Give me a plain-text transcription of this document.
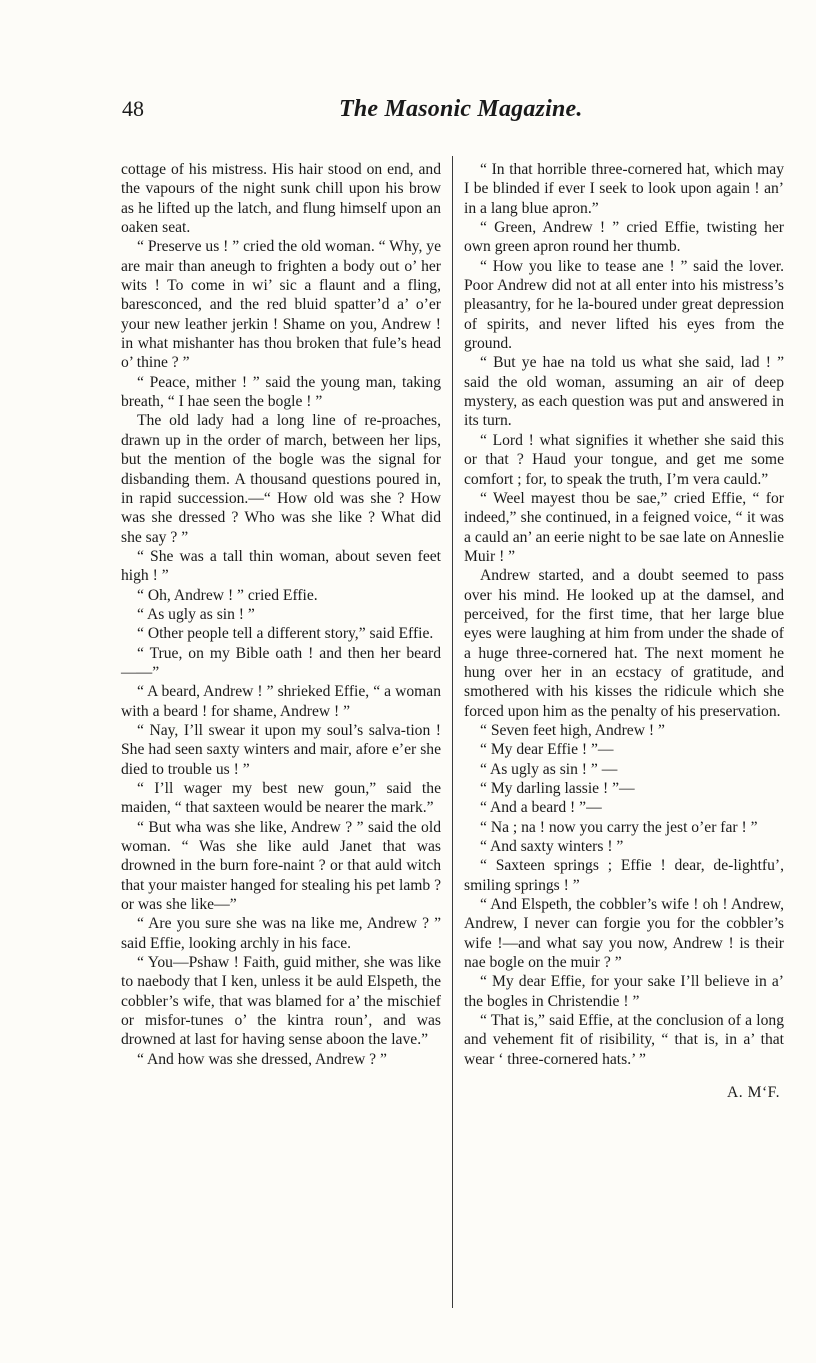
48	The Masonic Magazine.

cottage of his mistress. His hair stood on end, and the vapours of the night sunk chill upon his brow as he lifted up the latch, and flung himself upon an oaken seat.

“ Preserve us ! ” cried the old woman. “ Why, ye are mair than aneugh to frighten a body out o’ her wits ! To come in wi’ sic a flaunt and a fling, baresconced, and the red bluid spatter’d a’ o’er your new leather jerkin ! Shame on you, Andrew ! in what mishanter has thou broken that fule’s head o’ thine ? ”

“ Peace, mither ! ” said the young man, taking breath, “ I hae seen the bogle ! ”

The old lady had a long line of re-proaches, drawn up in the order of march, between her lips, but the mention of the bogle was the signal for disbanding them. A thousand questions poured in, in rapid succession.—“ How old was she ? How was she dressed ? Who was she like ? What did she say ? ”

“ She was a tall thin woman, about seven feet high ! ”

“ Oh, Andrew ! ” cried Effie.

“ As ugly as sin ! ”

“ Other people tell a different story,” said Effie.

“ True, on my Bible oath ! and then her beard ——”

“ A beard, Andrew ! ” shrieked Effie, “ a woman with a beard ! for shame, Andrew ! ”

“ Nay, I’ll swear it upon my soul’s salva-tion ! She had seen saxty winters and mair, afore e’er she died to trouble us ! ”

“ I’ll wager my best new goun,” said the maiden, “ that saxteen would be nearer the mark.”

“ But wha was she like, Andrew ? ” said the old woman. “ Was she like auld Janet that was drowned in the burn fore-naint ? or that auld witch that your maister hanged for stealing his pet lamb ? or was she like—”

“ Are you sure she was na like me, Andrew ? ” said Effie, looking archly in his face.

“ You—Pshaw ! Faith, guid mither, she was like to naebody that I ken, unless it be auld Elspeth, the cobbler’s wife, that was blamed for a’ the mischief or misfor-tunes o’ the kintra roun’, and was drowned at last for having sense aboon the lave.”

“ And how was she dressed, Andrew ? ”

“ In that horrible three-cornered hat, which may I be blinded if ever I seek to look upon again ! an’ in a lang blue apron.”

“ Green, Andrew ! ” cried Effie, twisting her own green apron round her thumb.

“ How you like to tease ane ! ” said the lover. Poor Andrew did not at all enter into his mistress’s pleasantry, for he la-boured under great depression of spirits, and never lifted his eyes from the ground.

“ But ye hae na told us what she said, lad ! ” said the old woman, assuming an air of deep mystery, as each question was put and answered in its turn.

“ Lord ! what signifies it whether she said this or that ? Haud your tongue, and get me some comfort ; for, to speak the truth, I’m vera cauld.”

“ Weel mayest thou be sae,” cried Effie, “ for indeed,” she continued, in a feigned voice, “ it was a cauld an’ an eerie night to be sae late on Anneslie Muir ! ”

Andrew started, and a doubt seemed to pass over his mind. He looked up at the damsel, and perceived, for the first time, that her large blue eyes were laughing at him from under the shade of a huge three-cornered hat. The next moment he hung over her in an ecstacy of gratitude, and smothered with his kisses the ridicule which she forced upon him as the penalty of his preservation.

“ Seven feet high, Andrew ! ”

“ My dear Effie ! ”—

“ As ugly as sin ! ” —

“ My darling lassie ! ”—

“ And a beard ! ”—

“ Na ; na ! now you carry the jest o’er far ! ”

“ And saxty winters ! ”

“ Saxteen springs ; Effie ! dear, de-lightfu’, smiling springs ! ”

“ And Elspeth, the cobbler’s wife ! oh ! Andrew, Andrew, I never can forgie you for the cobbler’s wife !—and what say you now, Andrew ! is their nae bogle on the muir ? ”

“ My dear Effie, for your sake I’ll believe in a’ the bogles in Christendie ! ”

“ That is,” said Effie, at the conclusion of a long and vehement fit of risibility, “ that is, in a’ that wear ‘ three-cornered hats.’ ”

A. M‘F.
